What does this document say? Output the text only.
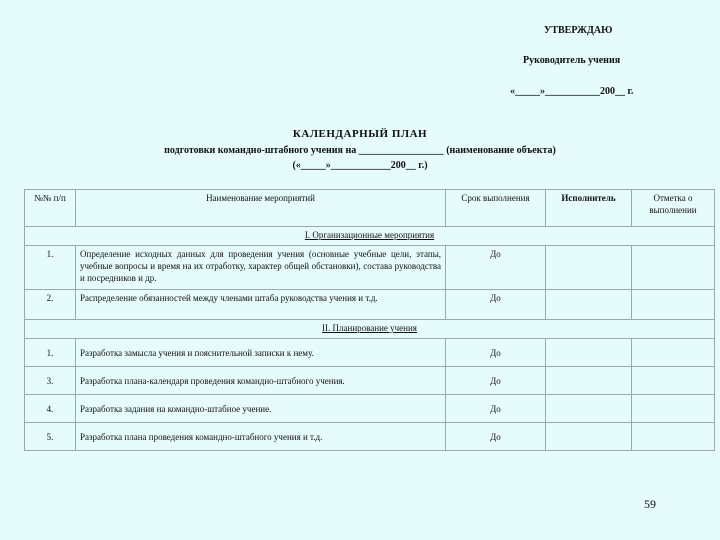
УТВЕРЖДАЮ
Руководитель учения
«_____»___________200__ г.
КАЛЕНДАРНЫЙ ПЛАН
подготовки командно-штабного учения на _________________ (наименование объекта)
(«_____»____________200__ г.)
№№ п/п	Наименование мероприятий	Срок выполнения	Исполнитель	Отметка о выполнении
I. Организационные мероприятия				
1.	Определение исходных данных для проведения учения (основные учебные цели, этапы, учебные вопросы и время на их отработку, характер общей обстановки), состава руководства и посредников и др.	До		
2.	Распределение обязанностей между членами штаба руководства учения и т.д.	До		
II. Планирование учения				
1.	Разработка замысла учения и пояснительной записки к нему.	До		
3.	Разработка плана-календаря проведения командно-штабного учения.	До		
4.	Разработка задания на командно-штабное учение.	До		
5.	Разработка плана проведения командно-штабного учения и т.д.	До		
59
